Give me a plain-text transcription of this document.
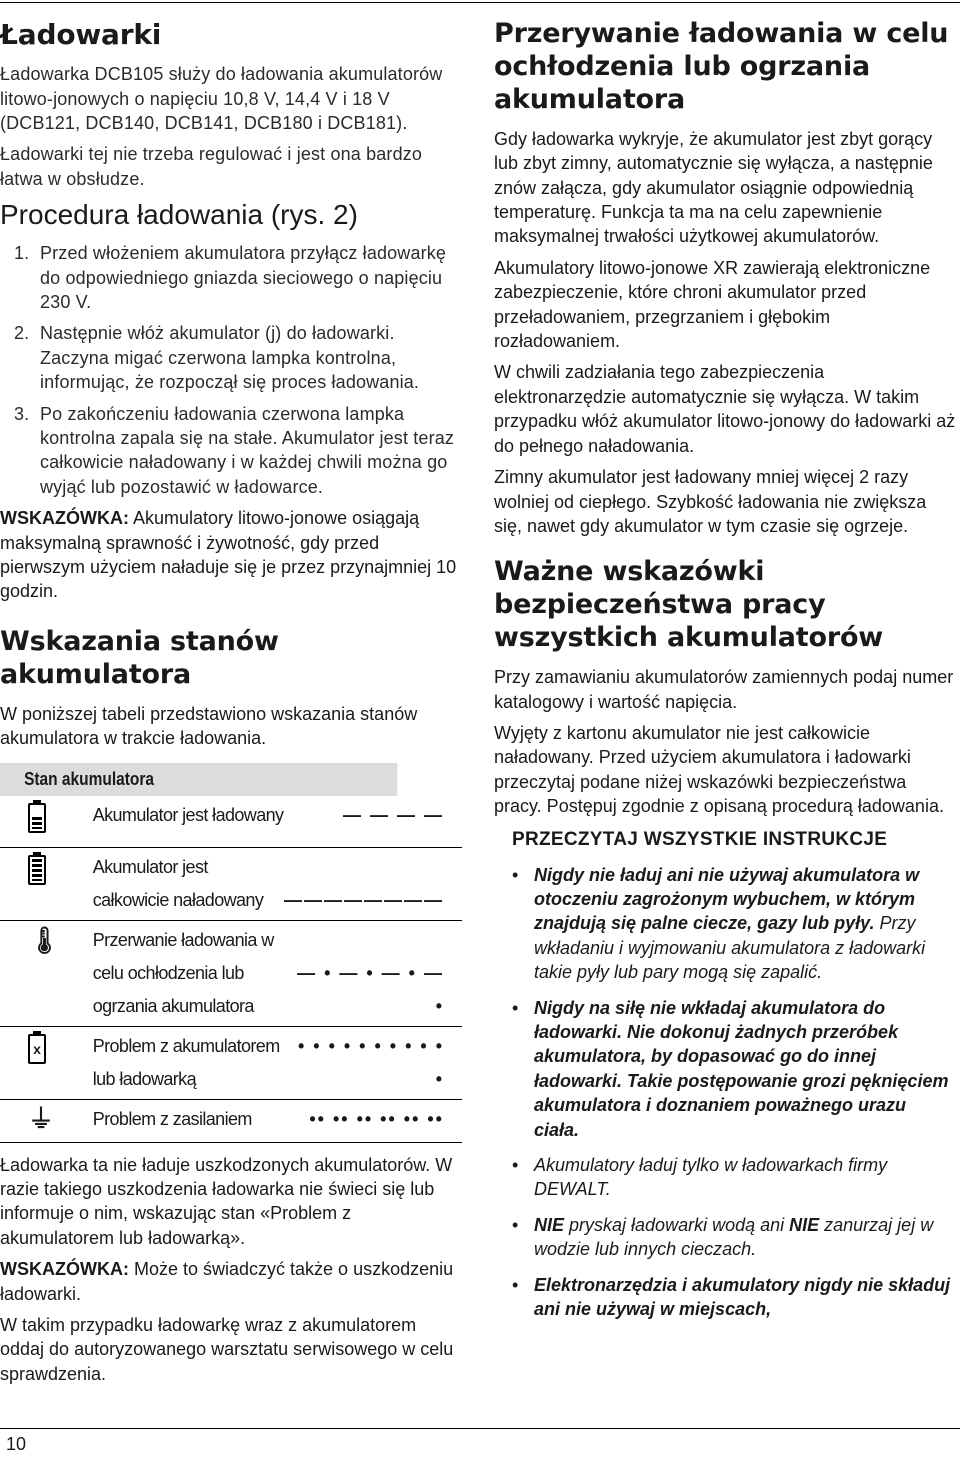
Ładowarki

Ładowarka DCB105 służy do ładowania akumulatorów litowo-jonowych o napięciu 10,8 V, 14,4 V i 18 V (DCB121, DCB140, DCB141, DCB180 i DCB181).

Ładowarki tej nie trzeba regulować i jest ona bardzo łatwa w obsłudze.

Procedura ładowania (rys. 2)
1. Przed włożeniem akumulatora przyłącz ładowarkę do odpowiedniego gniazda sieciowego o napięciu 230 V.
2. Następnie włóż akumulator (j) do ładowarki. Zaczyna migać czerwona lampka kontrolna, informując, że rozpoczął się proces ładowania.
3. Po zakończeniu ładowania czerwona lampka kontrolna zapala się na stałe. Akumulator jest teraz całkowicie naładowany i w każdej chwili można go wyjąć lub pozostawić w ładowarce.

WSKAZÓWKA: Akumulatory litowo-jonowe osiągają maksymalną sprawność i żywotność, gdy przed pierwszym użyciem naładuje się je przez przynajmniej 10 godzin.

Wskazania stanów akumulatora

W poniższej tabeli przedstawiono wskazania stanów akumulatora w trakcie ładowania.

Stan akumulatora		

	Akumulator jest ładowany	— — — —

	Akumulator jest całkowicie naładowany	————————
🌡	Przerwanie ładowania w celu ochłodzenia lub ogrzania akumulatora	— • — • — • — •
x	Problem z akumulatorem lub ładowarką	• • • • • • • • • • •
⏚	Problem z zasilaniem	•• •• •• •• •• ••

Ładowarka ta nie ładuje uszkodzonych akumulatorów. W razie takiego uszkodzenia ładowarka nie świeci się lub informuje o nim, wskazując stan «Problem z akumulatorem lub ładowarką».

WSKAZÓWKA: Może to świadczyć także o uszkodzeniu ładowarki.

W takim przypadku ładowarkę wraz z akumulatorem oddaj do autoryzowanego warsztatu serwisowego w celu sprawdzenia.

Przerywanie ładowania w celu ochłodzenia lub ogrzania akumulatora

Gdy ładowarka wykryje, że akumulator jest zbyt gorący lub zbyt zimny, automatycznie się wyłącza, a następnie znów załącza, gdy akumulator osiągnie odpowiednią temperaturę. Funkcja ta ma na celu zapewnienie maksymalnej trwałości użytkowej akumulatorów.

Akumulatory litowo-jonowe XR zawierają elektroniczne zabezpieczenie, które chroni akumulator przed przeładowaniem, przegrzaniem i głębokim rozładowaniem.

W chwili zadziałania tego zabezpieczenia elektronarzędzie automatycznie się wyłącza. W takim przypadku włóż akumulator litowo-jonowy do ładowarki aż do pełnego naładowania.

Zimny akumulator jest ładowany mniej więcej 2 razy wolniej od ciepłego. Szybkość ładowania nie zwiększa się, nawet gdy akumulator w tym czasie się ogrzeje.

Ważne wskazówki bezpieczeństwa pracy wszystkich akumulatorów

Przy zamawianiu akumulatorów zamiennych podaj numer katalogowy i wartość napięcia.

Wyjęty z kartonu akumulator nie jest całkowicie naładowany. Przed użyciem akumulatora i ładowarki przeczytaj podane niżej wskazówki bezpieczeństwa pracy. Postępuj zgodnie z opisaną procedurą ładowania.

PRZECZYTAJ WSZYSTKIE INSTRUKCJE
• Nigdy nie ładuj ani nie używaj akumulatora w otoczeniu zagrożonym wybuchem, w którym znajdują się palne ciecze, gazy lub pyły. Przy wkładaniu i wyjmowaniu akumulatora z ładowarki takie pyły lub pary mogą się zapalić.
• Nigdy na siłę nie wkładaj akumulatora do ładowarki. Nie dokonuj żadnych przeróbek akumulatora, by dopasować go do innej ładowarki. Takie postępowanie grozi pęknięciem akumulatora i doznaniem poważnego urazu ciała.
• Akumulatory ładuj tylko w ładowarkach firmy DEWALT.
• NIE pryskaj ładowarki wodą ani NIE zanurzaj jej w wodzie lub innych cieczach.
• Elektronarzędzia i akumulatory nigdy nie składuj ani nie używaj w miejscach,
10
